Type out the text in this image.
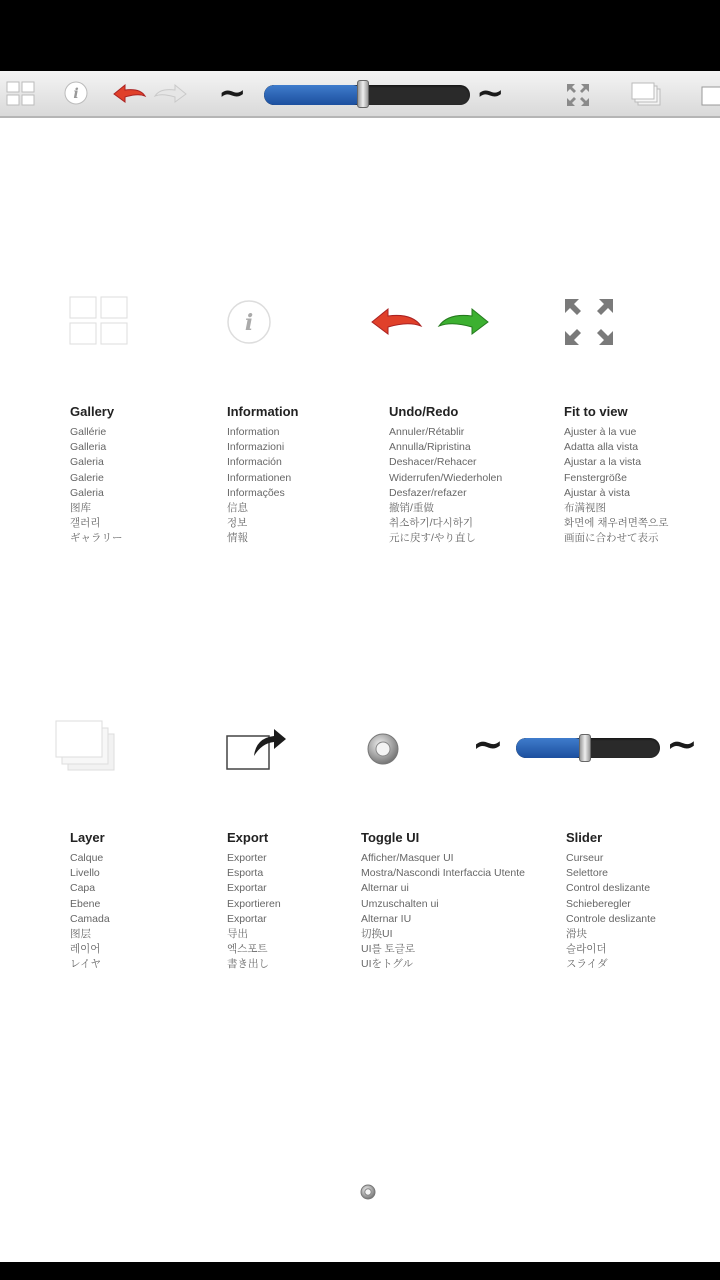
i	~	~
i
Gallery
Gallérie
Galleria
Galeria
Galerie
Galeria
图库
갤러리
ギャラリー
Information
Information
Informazioni
Información
Informationen
Informações
信息
정보
情報
Undo/Redo
Annuler/Rétablir
Annulla/Ripristina
Deshacer/Rehacer
Widerrufen/Wiederholen
Desfazer/refazer
撤销/重做
취소하기/다시하기
元に戻す/やり直し
Fit to view
Ajuster à la vue
Adatta alla vista
Ajustar a la vista
Fenstergröße
Ajustar à vista
布满视图
화면에 채우려면쪽으로
画面に合わせて表示
~	~
Layer
Calque
Livello
Capa
Ebene
Camada
图层
레이어
レイヤ
Export
Exporter
Esporta
Exportar
Exportieren
Exportar
导出
엑스포트
書き出し
Toggle UI
Afficher/Masquer UI
Mostra/Nascondi Interfaccia Utente
Alternar ui
Umzuschalten ui
Alternar IU
切换UI
UI를 토글로
UIをトグル
Slider
Curseur
Selettore
Control deslizante
Schieberegler
Controle deslizante
滑块
슬라이더
スライダ
